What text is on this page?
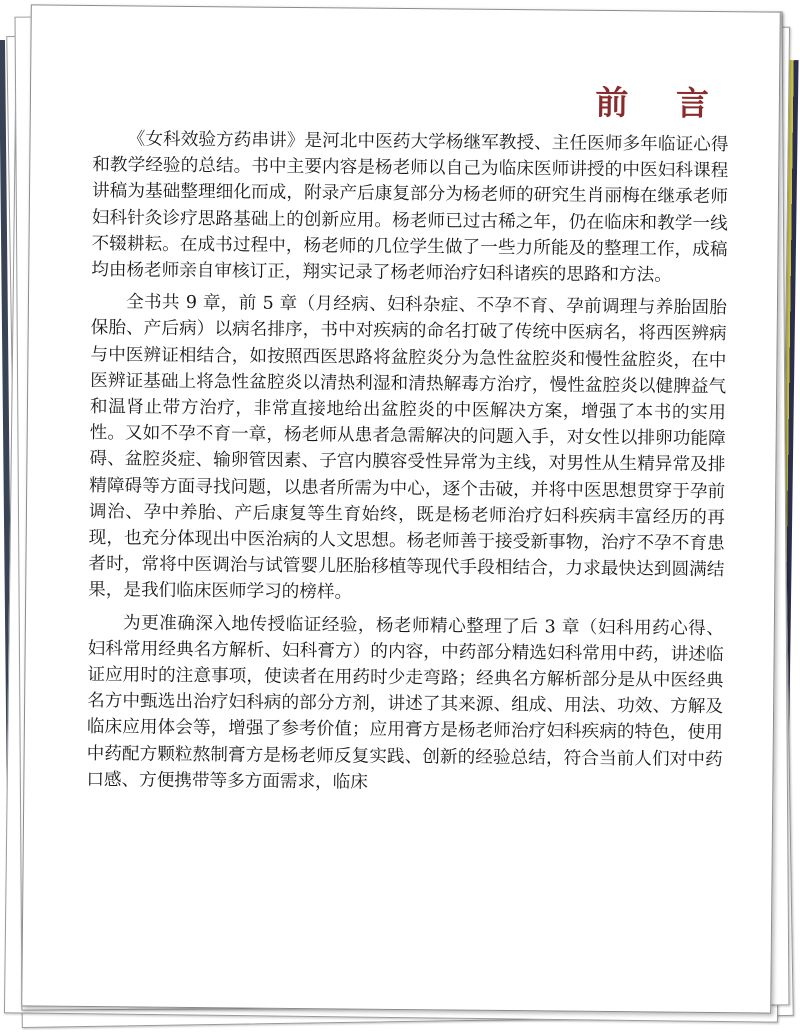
前 言

《女科效验方药串讲》是河北中医药大学杨继军教授、主任医师多年临证心得和教学经验的总结。书中主要内容是杨老师以自己为临床医师讲授的中医妇科课程讲稿为基础整理细化而成，附录产后康复部分为杨老师的研究生肖丽梅在继承老师妇科针灸诊疗思路基础上的创新应用。杨老师已过古稀之年，仍在临床和教学一线不辍耕耘。在成书过程中，杨老师的几位学生做了一些力所能及的整理工作，成稿均由杨老师亲自审核订正，翔实记录了杨老师治疗妇科诸疾的思路和方法。

全书共 9 章，前 5 章（月经病、妇科杂症、不孕不育、孕前调理与养胎固胎保胎、产后病）以病名排序，书中对疾病的命名打破了传统中医病名，将西医辨病与中医辨证相结合，如按照西医思路将盆腔炎分为急性盆腔炎和慢性盆腔炎，在中医辨证基础上将急性盆腔炎以清热利湿和清热解毒方治疗，慢性盆腔炎以健脾益气和温肾止带方治疗，非常直接地给出盆腔炎的中医解决方案，增强了本书的实用性。又如不孕不育一章，杨老师从患者急需解决的问题入手，对女性以排卵功能障碍、盆腔炎症、输卵管因素、子宫内膜容受性异常为主线，对男性从生精异常及排精障碍等方面寻找问题，以患者所需为中心，逐个击破，并将中医思想贯穿于孕前调治、孕中养胎、产后康复等生育始终，既是杨老师治疗妇科疾病丰富经历的再现，也充分体现出中医治病的人文思想。杨老师善于接受新事物，治疗不孕不育患者时，常将中医调治与试管婴儿胚胎移植等现代手段相结合，力求最快达到圆满结果，是我们临床医师学习的榜样。

为更准确深入地传授临证经验，杨老师精心整理了后 3 章（妇科用药心得、妇科常用经典名方解析、妇科膏方）的内容，中药部分精选妇科常用中药，讲述临证应用时的注意事项，使读者在用药时少走弯路；经典名方解析部分是从中医经典名方中甄选出治疗妇科病的部分方剂，讲述了其来源、组成、用法、功效、方解及临床应用体会等，增强了参考价值；应用膏方是杨老师治疗妇科疾病的特色，使用中药配方颗粒熬制膏方是杨老师反复实践、创新的经验总结，符合当前人们对中药口感、方便携带等多方面需求，临床
